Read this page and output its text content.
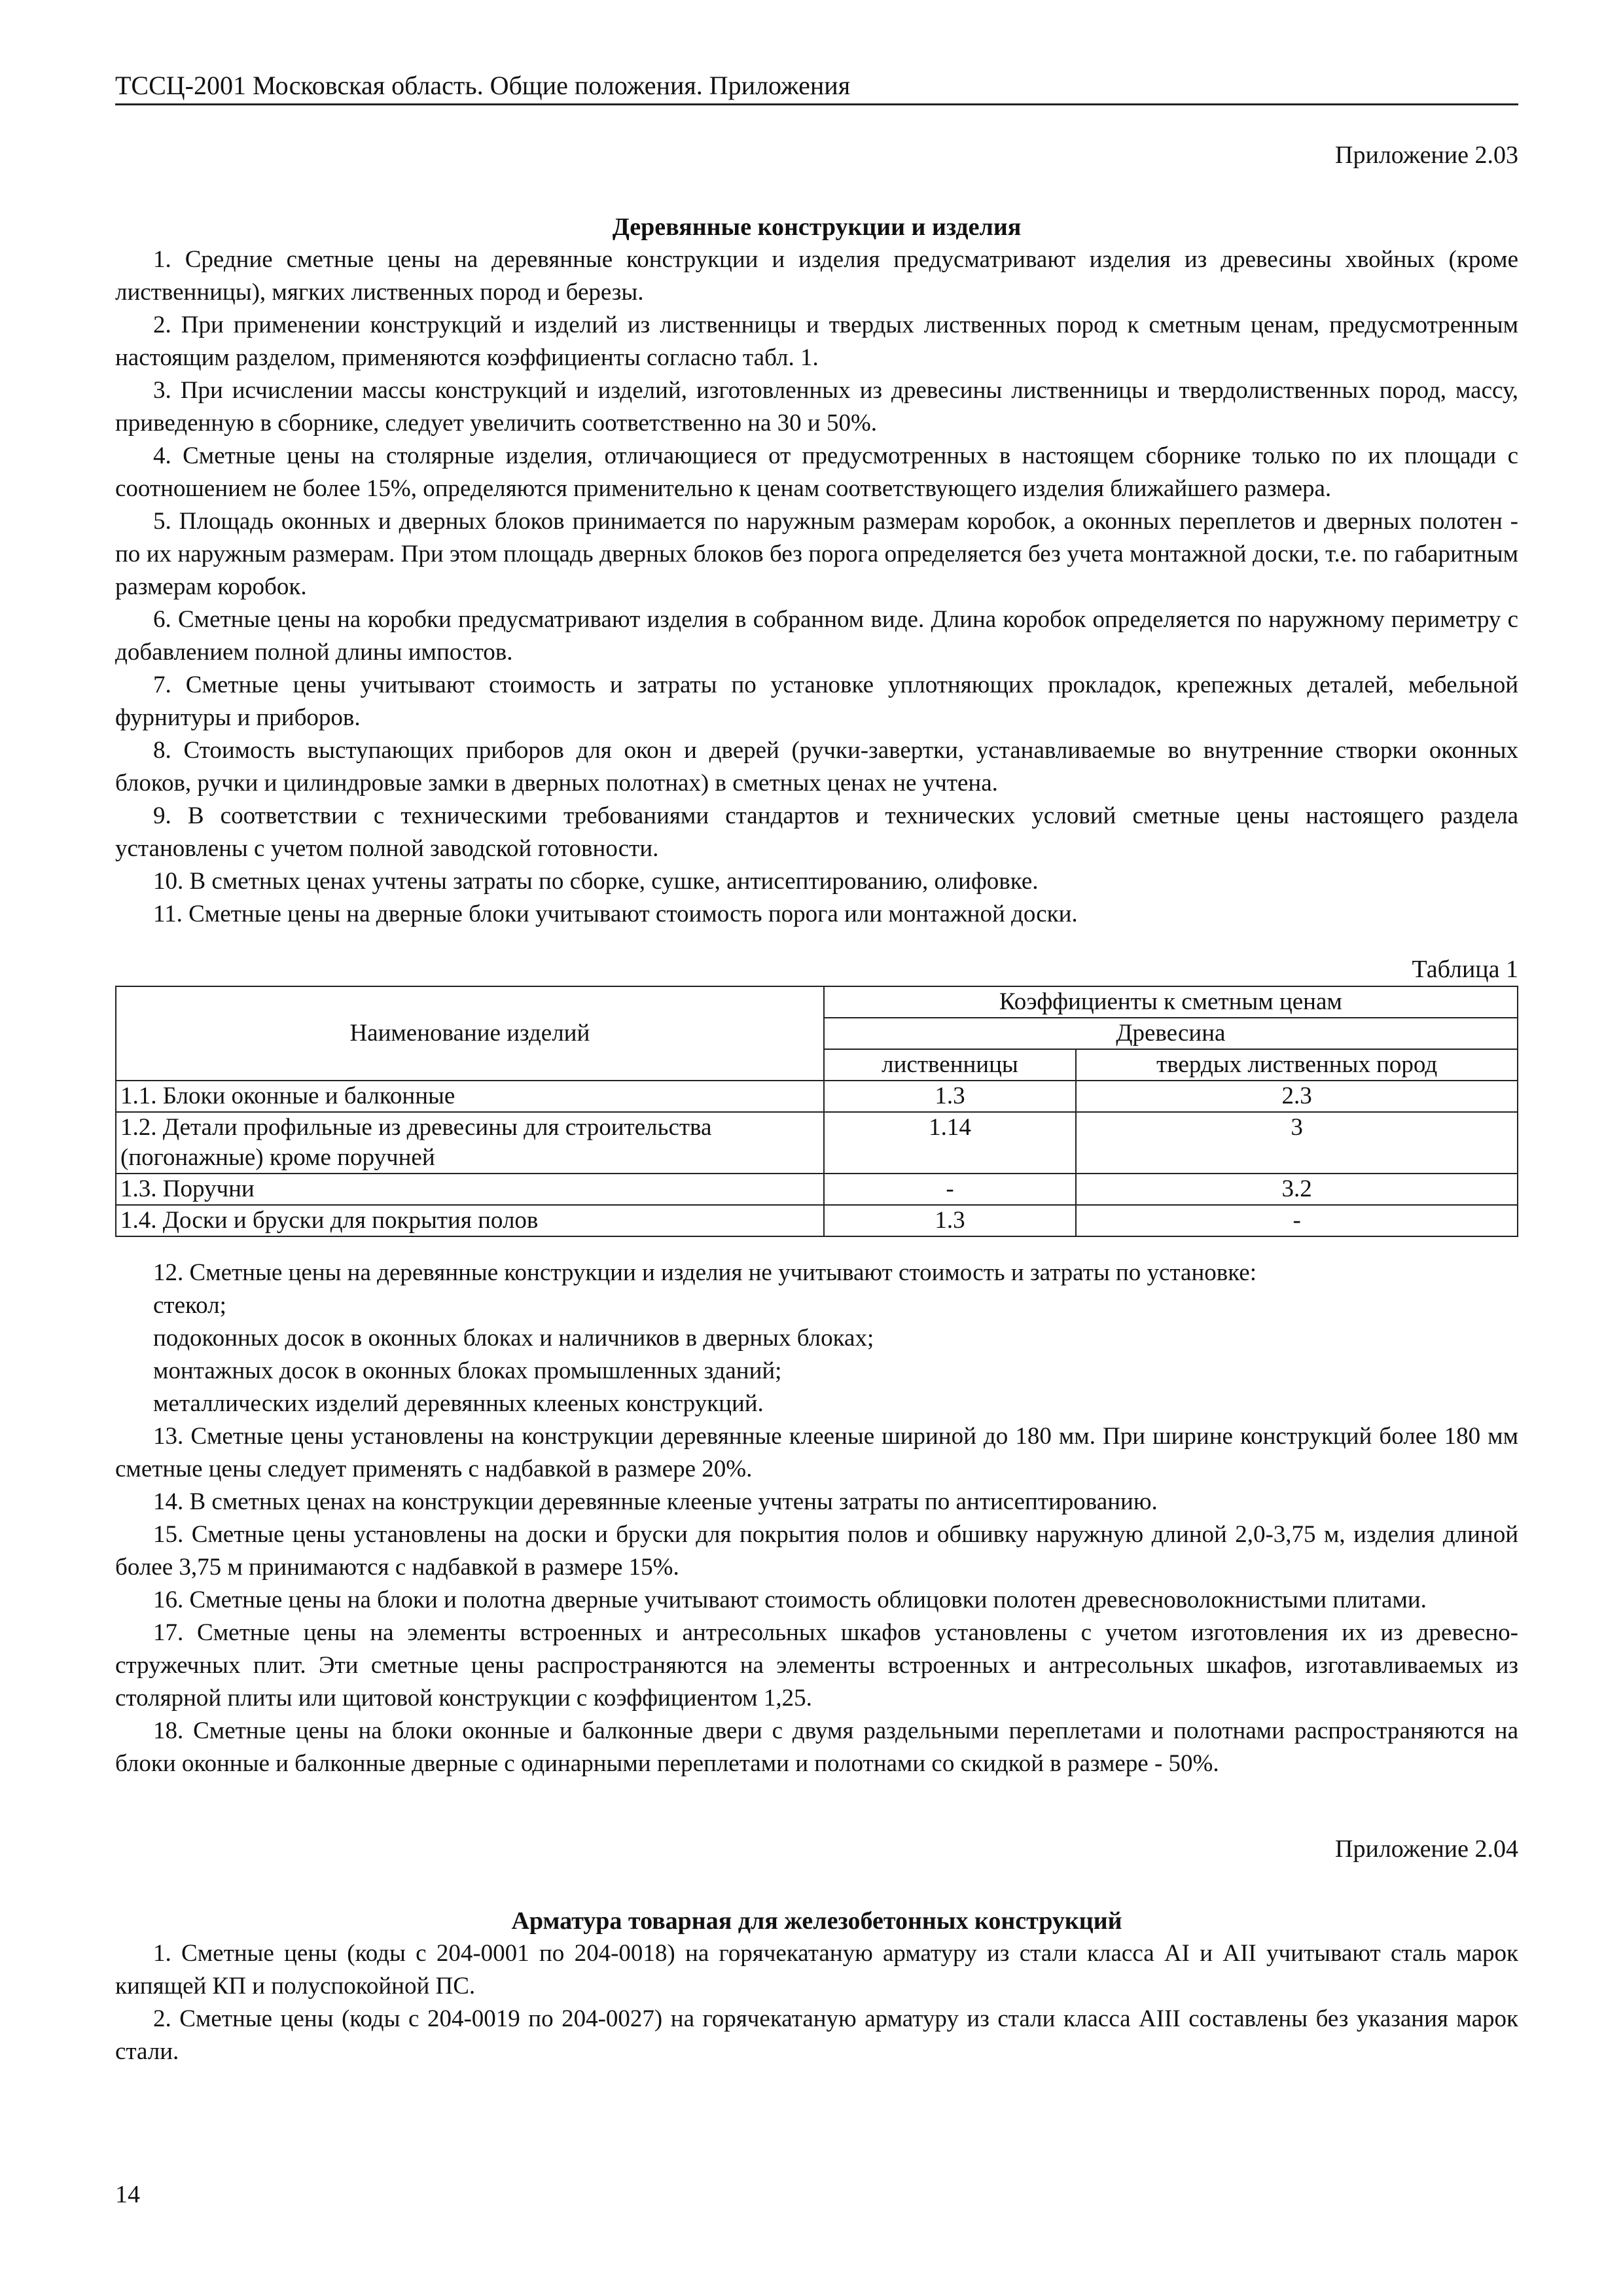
ТССЦ-2001 Московская область. Общие положения. Приложения
Приложение 2.03
Деревянные конструкции и изделия
1. Средние сметные цены на деревянные конструкции и изделия предусматривают изделия из древесины хвойных (кроме лиственницы), мягких лиственных пород и березы.
2. При применении конструкций и изделий из лиственницы и твердых лиственных пород к сметным ценам, предусмотренным настоящим разделом, применяются коэффициенты согласно табл. 1.
3. При исчислении массы конструкций и изделий, изготовленных из древесины лиственницы и твердолиственных пород, массу, приведенную в сборнике, следует увеличить соответственно на 30 и 50%.
4. Сметные цены на столярные изделия, отличающиеся от предусмотренных в настоящем сборнике только по их площади с соотношением не более 15%, определяются применительно к ценам соответствующего изделия ближайшего размера.
5. Площадь оконных и дверных блоков принимается по наружным размерам коробок, а оконных переплетов и дверных полотен - по их наружным размерам. При этом площадь дверных блоков без порога определяется без учета монтажной доски, т.е. по габаритным размерам коробок.
6. Сметные цены на коробки предусматривают изделия в собранном виде. Длина коробок определяется по наружному периметру с добавлением полной длины импостов.
7. Сметные цены учитывают стоимость и затраты по установке уплотняющих прокладок, крепежных деталей, мебельной фурнитуры и приборов.
8. Стоимость выступающих приборов для окон и дверей (ручки-завертки, устанавливаемые во внутренние створки оконных блоков, ручки и цилиндровые замки в дверных полотнах) в сметных ценах не учтена.
9. В соответствии с техническими требованиями стандартов и технических условий сметные цены настоящего раздела установлены с учетом полной заводской готовности.
10. В сметных ценах учтены затраты по сборке, сушке, антисептированию, олифовке.
11. Сметные цены на дверные блоки учитывают стоимость порога или монтажной доски.
Таблица 1
Наименование изделий	Коэффициенты к сметным ценам	
	Древесина	
	лиственницы	твердых лиственных пород
1.1. Блоки оконные и балконные	1.3	2.3
1.2. Детали профильные из древесины для строительства (погонажные) кроме поручней	1.14	3
1.3. Поручни	-	3.2
1.4. Доски и бруски для покрытия полов	1.3	-
12. Сметные цены на деревянные конструкции и изделия не учитывают стоимость и затраты по установке:
стекол;
подоконных досок в оконных блоках и наличников в дверных блоках;
монтажных досок в оконных блоках промышленных зданий;
металлических изделий деревянных клееных конструкций.
13. Сметные цены установлены на конструкции деревянные клееные шириной до 180 мм. При ширине конструкций более 180 мм сметные цены следует применять с надбавкой в размере 20%.
14. В сметных ценах на конструкции деревянные клееные учтены затраты по антисептированию.
15. Сметные цены установлены на доски и бруски для покрытия полов и обшивку наружную длиной 2,0-3,75 м, изделия длиной более 3,75 м принимаются с надбавкой в размере 15%.
16. Сметные цены на блоки и полотна дверные учитывают стоимость облицовки полотен древесноволокнистыми плитами.
17. Сметные цены на элементы встроенных и антресольных шкафов установлены с учетом изготовления их из древесно-стружечных плит. Эти сметные цены распространяются на элементы встроенных и антресольных шкафов, изготавливаемых из столярной плиты или щитовой конструкции с коэффициентом 1,25.
18. Сметные цены на блоки оконные и балконные двери с двумя раздельными переплетами и полотнами распространяются на блоки оконные и балконные дверные с одинарными переплетами и полотнами со скидкой в размере - 50%.
Приложение 2.04
Арматура товарная для железобетонных конструкций
1. Сметные цены (коды с 204-0001 по 204-0018) на горячекатаную арматуру из стали класса AI и AII учитывают сталь марок кипящей КП и полуспокойной ПС.
2. Сметные цены (коды с 204-0019 по 204-0027) на горячекатаную арматуру из стали класса AIII составлены без указания марок стали.
14
